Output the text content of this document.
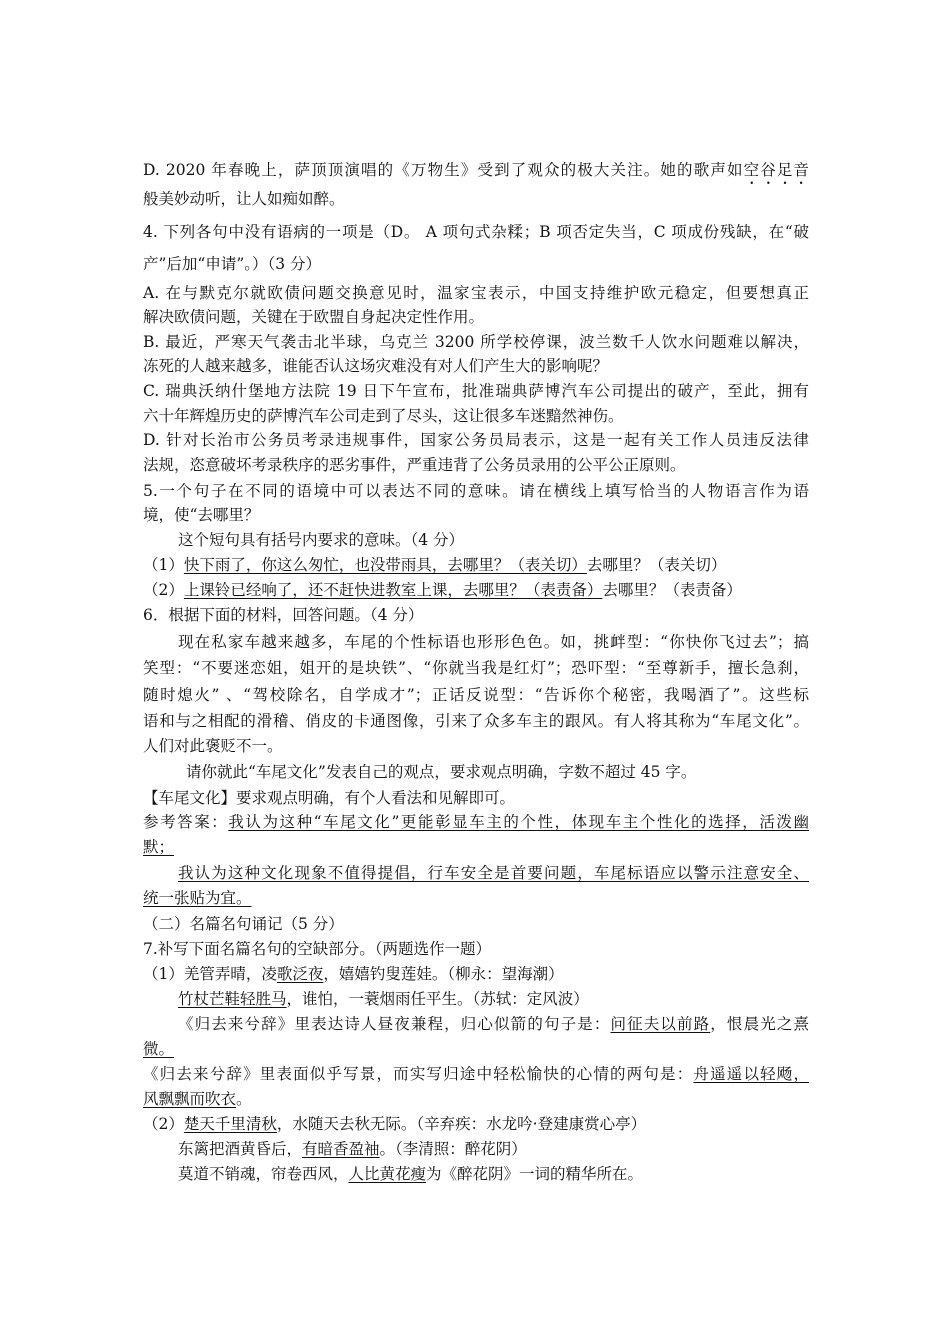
D. 2020 年春晚上，萨顶顶演唱的《万物生》受到了观众的极大关注。她的歌声如空谷足音
般美妙动听，让人如痴如醉。
4. 下列各句中没有语病的一项是（D。 A 项句式杂糅；B 项否定失当，C 项成份残缺，在“破
产”后加“申请”。）（3 分）
A. 在与默克尔就欧债问题交换意见时，温家宝表示，中国支持维护欧元稳定，但要想真正
解决欧债问题，关键在于欧盟自身起决定性作用。
B. 最近，严寒天气袭击北半球，乌克兰 3200 所学校停课，波兰数千人饮水问题难以解决，
冻死的人越来越多，谁能否认这场灾难没有对人们产生大的影响呢？
C. 瑞典沃纳什堡地方法院 19 日下午宣布，批准瑞典萨博汽车公司提出的破产，至此，拥有
六十年辉煌历史的萨博汽车公司走到了尽头，这让很多车迷黯然神伤。
D. 针对长治市公务员考录违规事件，国家公务员局表示，这是一起有关工作人员违反法律
法规，恣意破坏考录秩序的恶劣事件，严重违背了公务员录用的公平公正原则。
5.一个句子在不同的语境中可以表达不同的意味。请在横线上填写恰当的人物语言作为语
境，使“去哪里？
这个短句具有括号内要求的意味。（4 分）
（1）快下雨了，你这么匆忙，也没带雨具，去哪里？（表关切）去哪里？（表关切）
（2）上课铃已经响了，还不赶快进教室上课，去哪里？（表责备）去哪里？（表责备）
6．根据下面的材料，回答问题。（4 分）
现在私家车越来越多，车尾的个性标语也形形色色。如，挑衅型：“你快你飞过去”；搞
笑型：“不要迷恋姐，姐开的是块铁”、“你就当我是红灯”；恐吓型：“至尊新手，擅长急刹，
随时熄火” 、“驾校除名，自学成才”；正话反说型：“告诉你个秘密，我喝酒了”。这些标
语和与之相配的滑稽、俏皮的卡通图像，引来了众多车主的跟风。有人将其称为“车尾文化”。
人们对此褒贬不一。
请你就此“车尾文化”发表自己的观点，要求观点明确，字数不超过 45 字。
【车尾文化】要求观点明确，有个人看法和见解即可。
参考答案：我认为这种“车尾文化”更能彰显车主的个性，体现车主个性化的选择，活泼幽
默；
我认为这种文化现象不值得提倡，行车安全是首要问题，车尾标语应以警示注意安全、
统一张贴为宜。
（二）名篇名句诵记（5 分）
7.补写下面名篇名句的空缺部分。（两题选作一题）
（1）羌管弄晴，凌歌泛夜，嬉嬉钓叟莲娃。（柳永：望海潮）
竹杖芒鞋轻胜马，谁怕，一蓑烟雨任平生。（苏轼：定风波）
《归去来兮辞》里表达诗人昼夜兼程，归心似箭的句子是：问征夫以前路，恨晨光之熹
微。
《归去来兮辞》里表面似乎写景，而实写归途中轻松愉快的心情的两句是：舟遥遥以轻飏，
风飘飘而吹衣。
（2）楚天千里清秋，水随天去秋无际。（辛弃疾：水龙吟·登建康赏心亭）
东篱把酒黄昏后，有暗香盈袖。（李清照：醉花阴）
莫道不销魂，帘卷西风，人比黄花瘦为《醉花阴》一词的精华所在。
